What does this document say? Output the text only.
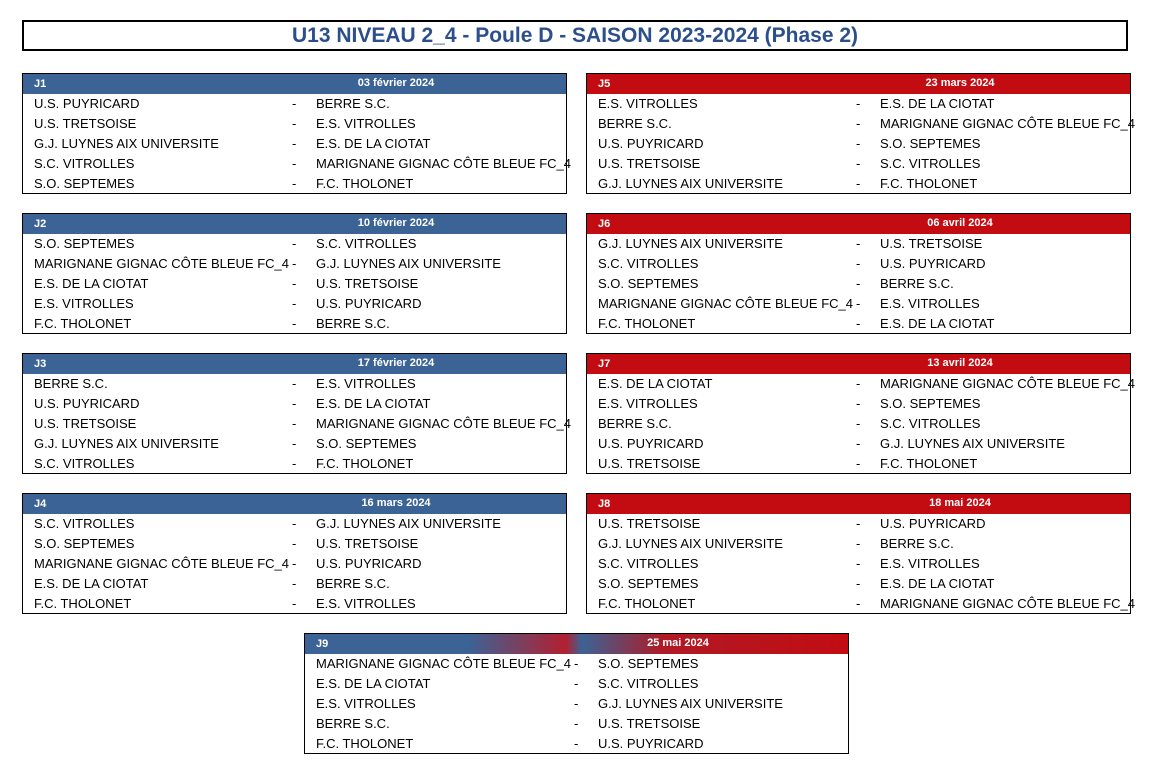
U13 NIVEAU 2_4 - Poule D - SAISON 2023-2024 (Phase 2)
J1	03 février 2024
U.S. PUYRICARD	- BERRE S.C.
U.S. TRETSOISE	- E.S. VITROLLES
G.J. LUYNES AIX UNIVERSITE	- E.S. DE LA CIOTAT
S.C. VITROLLES	- MARIGNANE GIGNAC CÔTE BLEUE FC_4
S.O. SEPTEMES	- F.C. THOLONET
J2	10 février 2024
S.O. SEPTEMES	- S.C. VITROLLES
MARIGNANE GIGNAC CÔTE BLEUE FC_4 - G.J. LUYNES AIX UNIVERSITE
E.S. DE LA CIOTAT	- U.S. TRETSOISE
E.S. VITROLLES	- U.S. PUYRICARD
F.C. THOLONET	- BERRE S.C.
J3	17 février 2024
BERRE S.C.	- E.S. VITROLLES
U.S. PUYRICARD	- E.S. DE LA CIOTAT
U.S. TRETSOISE	- MARIGNANE GIGNAC CÔTE BLEUE FC_4
G.J. LUYNES AIX UNIVERSITE	- S.O. SEPTEMES
S.C. VITROLLES	- F.C. THOLONET
J4	16 mars 2024
S.C. VITROLLES	- G.J. LUYNES AIX UNIVERSITE
S.O. SEPTEMES	- U.S. TRETSOISE
MARIGNANE GIGNAC CÔTE BLEUE FC_4 - U.S. PUYRICARD
E.S. DE LA CIOTAT	- BERRE S.C.
F.C. THOLONET	- E.S. VITROLLES
J5	23 mars 2024
E.S. VITROLLES	- E.S. DE LA CIOTAT
BERRE S.C.	- MARIGNANE GIGNAC CÔTE BLEUE FC_4
U.S. PUYRICARD	- S.O. SEPTEMES
U.S. TRETSOISE	- S.C. VITROLLES
G.J. LUYNES AIX UNIVERSITE	- F.C. THOLONET
J6	06 avril 2024
G.J. LUYNES AIX UNIVERSITE	- U.S. TRETSOISE
S.C. VITROLLES	- U.S. PUYRICARD
S.O. SEPTEMES	- BERRE S.C.
MARIGNANE GIGNAC CÔTE BLEUE FC_4 - E.S. VITROLLES
F.C. THOLONET	- E.S. DE LA CIOTAT
J7	13 avril 2024
E.S. DE LA CIOTAT	- MARIGNANE GIGNAC CÔTE BLEUE FC_4
E.S. VITROLLES	- S.O. SEPTEMES
BERRE S.C.	- S.C. VITROLLES
U.S. PUYRICARD	- G.J. LUYNES AIX UNIVERSITE
U.S. TRETSOISE	- F.C. THOLONET
J8	18 mai 2024
U.S. TRETSOISE	- U.S. PUYRICARD
G.J. LUYNES AIX UNIVERSITE	- BERRE S.C.
S.C. VITROLLES	- E.S. VITROLLES
S.O. SEPTEMES	- E.S. DE LA CIOTAT
F.C. THOLONET	- MARIGNANE GIGNAC CÔTE BLEUE FC_4
J9	25 mai 2024
MARIGNANE GIGNAC CÔTE BLEUE FC_4 - S.O. SEPTEMES
E.S. DE LA CIOTAT	- S.C. VITROLLES
E.S. VITROLLES	- G.J. LUYNES AIX UNIVERSITE
BERRE S.C.	- U.S. TRETSOISE
F.C. THOLONET	- U.S. PUYRICARD
